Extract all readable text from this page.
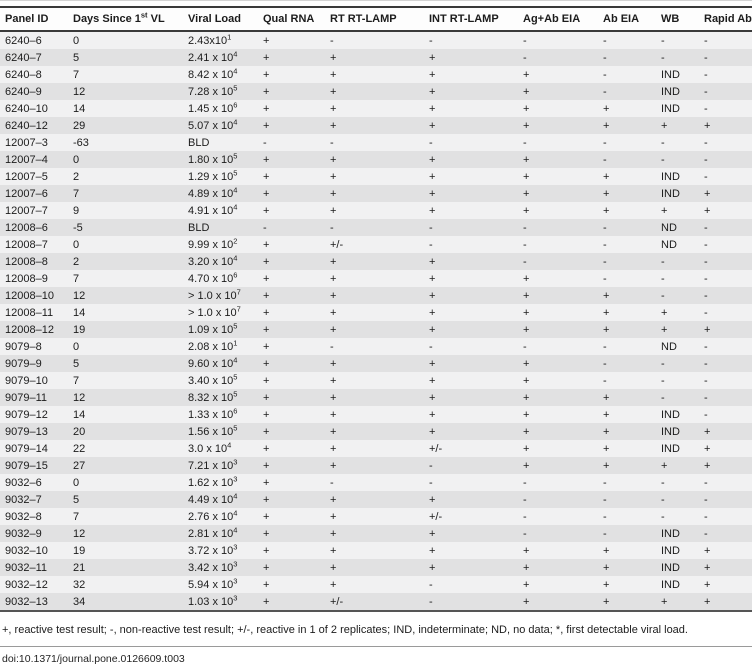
Panel ID	Days Since 1st VL	Viral Load	Qual RNA	RT RT-LAMP	INT RT-LAMP	Ag+Ab EIA	Ab EIA	WB	Rapid Ab
6240–6	0	$2.43x10^1$	+	-	-	-	-	-	-
6240–7	5	2.41 x $10^4$	+	+	+	-	-	-	-
6240–8	7	8.42 x $10^4$	+	+	+	+	-	IND	-
6240–9	12	7.28 x $10^5$	+	+	+	+	-	IND	-
6240–10	14	1.45 x $10^6$	+	+	+	+	+	IND	-
6240–12	29	5.07 x $10^4$	+	+	+	+	+	+	+
12007–3	-63	BLD	-	-	-	-	-	-	-
12007–4	0	1.80 x $10^5$	+	+	+	+	-	-	-
12007–5	2	1.29 x $10^5$	+	+	+	+	+	IND	-
12007–6	7	4.89 x $10^4$	+	+	+	+	+	IND	+
12007–7	9	4.91 x $10^4$	+	+	+	+	+	+	+
12008–6	-5	BLD	-	-	-	-	-	ND	-
12008–7	0	9.99 x $10^2$	+	+/-	-	-	-	ND	-
12008–8	2	3.20 x $10^4$	+	+	+	-	-	-	-
12008–9	7	4.70 x $10^6$	+	+	+	+	-	-	-
12008–10	12	> 1.0 x $10^7$	+	+	+	+	+	-	-
12008–11	14	> 1.0 x $10^7$	+	+	+	+	+	+	-
12008–12	19	1.09 x $10^5$	+	+	+	+	+	+	+
9079–8	0	2.08 x $10^1$	+	-	-	-	-	ND	-
9079–9	5	9.60 x $10^4$	+	+	+	+	-	-	-
9079–10	7	3.40 x $10^5$	+	+	+	+	-	-	-
9079–11	12	8.32 x $10^5$	+	+	+	+	+	-	-
9079–12	14	1.33 x $10^6$	+	+	+	+	+	IND	-
9079–13	20	1.56 x $10^5$	+	+	+	+	+	IND	+
9079–14	22	3.0 x $10^4$	+	+	+/-	+	+	IND	+
9079–15	27	7.21 x $10^3$	+	+	-	+	+	+	+
9032–6	0	1.62 x $10^3$	+	-	-	-	-	-	-
9032–7	5	4.49 x $10^4$	+	+	+	-	-	-	-
9032–8	7	2.76 x $10^4$	+	+	+/-	-	-	-	-
9032–9	12	2.81 x $10^4$	+	+	+	-	-	IND	-
9032–10	19	3.72 x $10^3$	+	+	+	+	+	IND	+
9032–11	21	3.42 x $10^3$	+	+	+	+	+	IND	+
9032–12	32	5.94 x $10^3$	+	+	-	+	+	IND	+
9032–13	34	1.03 x $10^3$	+	+/-	-	+	+	+	+
+, reactive test result; -, non-reactive test result; +/-, reactive in 1 of 2 replicates; IND, indeterminate; ND, no data; *, first detectable viral load.
doi:10.1371/journal.pone.0126609.t003
